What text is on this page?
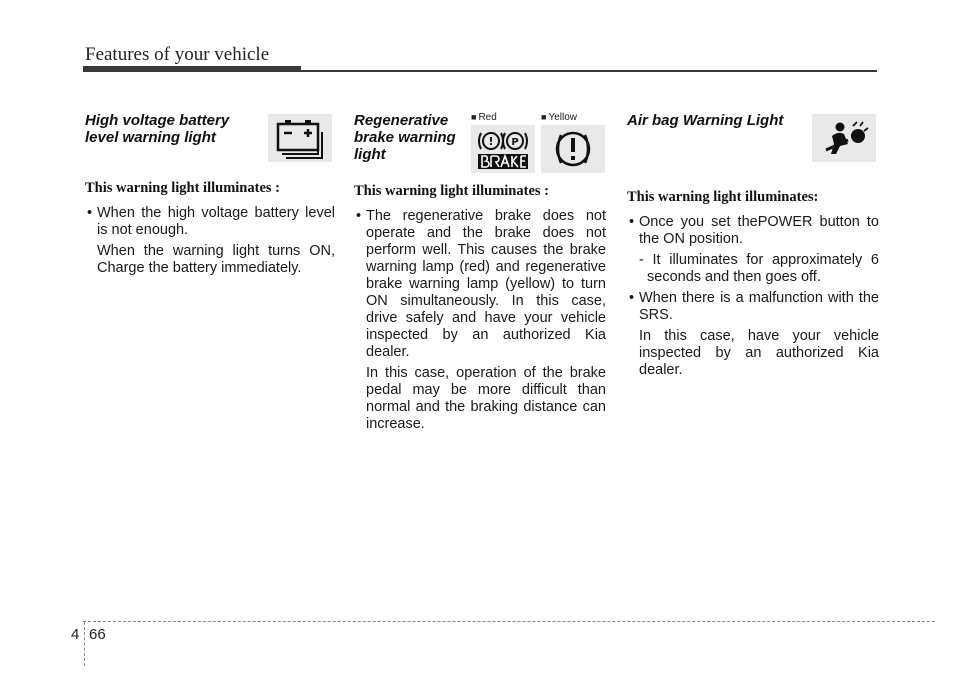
Features of your vehicle
High voltage battery level warning light

This warning light illuminates :

• When the high voltage battery level is not enough.

When the warning light turns ON, Charge the battery immediately.

Regenerative brake warning light

This warning light illuminates :

• The regenerative brake does not operate and the brake does not perform well. This causes the brake warning lamp (red) and regenerative brake warning lamp (yellow) to turn ON simultaneously. In this case, drive safely and have your vehicle inspected by an authorized Kia dealer.

In this case, operation of the brake pedal may be more difficult than normal and the braking distance can increase.

■ Red
■	Yellow
! P
Air bag Warning Light

This warning light illuminates:

• Once you set thePOWER button to the ON position.

- It illuminates for approximately 6 seconds and then goes off.

• When there is a malfunction with the SRS.

In this case, have your vehicle inspected by an authorized Kia dealer.

4 66
